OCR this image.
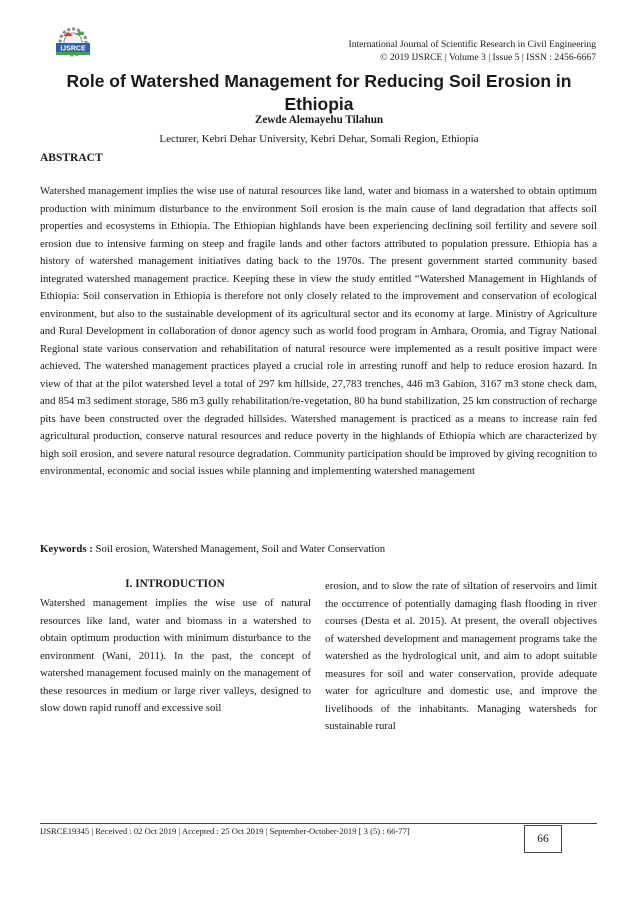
IJSRCE	International Journal of Scientific Research in Civil Engineering
© 2019 IJSRCE | Volume 3 | Issue 5 | ISSN : 2456-6667
Role of Watershed Management for Reducing Soil Erosion in Ethiopia
Zewde Alemayehu Tilahun
Lecturer, Kebri Dehar University, Kebri Dehar, Somali Region, Ethiopia
ABSTRACT

Watershed management implies the wise use of natural resources like land, water and biomass in a watershed to obtain optimum production with minimum disturbance to the environment Soil erosion is the main cause of land degradation that affects soil properties and ecosystems in Ethiopia. The Ethiopian highlands have been experiencing declining soil fertility and severe soil erosion due to intensive farming on steep and fragile lands and other factors attributed to population pressure. Ethiopia has a history of watershed management initiatives dating back to the 1970s. The present government started community based integrated watershed management practice. Keeping these in view the study entitled “Watershed Management in Highlands of Ethiopia: Soil conservation in Ethiopia is therefore not only closely related to the improvement and conservation of ecological environment, but also to the sustainable development of its agricultural sector and its economy at large. Ministry of Agriculture and Rural Development in collaboration of donor agency such as world food program in Amhara, Oromia, and Tigray National Regional state various conservation and rehabilitation of natural resource were implemented as a result positive impact were achieved. The watershed management practices played a crucial role in arresting runoff and help to reduce erosion hazard. In view of that at the pilot watershed level a total of 297 km hillside, 27,783 trenches, 446 m3 Gabion, 3167 m3 stone check dam, and 854 m3 sediment storage, 586 m3 gully rehabilitation/re-vegetation, 80 ha bund stabilization, 25 km construction of recharge pits have been constructed over the degraded hillsides. Watershed management is practiced as a means to increase rain fed agricultural production, conserve natural resources and reduce poverty in the highlands of Ethiopia which are characterized by high soil erosion, and severe natural resource degradation. Community participation should be improved by giving recognition to environmental, economic and social issues while planning and implementing watershed management

Keywords : Soil erosion, Watershed Management, Soil and Water Conservation
I. INTRODUCTION

Watershed management implies the wise use of natural resources like land, water and biomass in a watershed to obtain optimum production with minimum disturbance to the environment (Wani, 2011). In the past, the concept of watershed management focused mainly on the management of these resources in medium or large river valleys, designed to slow down rapid runoff and excessive soil

erosion, and to slow the rate of siltation of reservoirs and limit the occurrence of potentially damaging flash flooding in river courses (Desta et al. 2015). At present, the overall objectives of watershed development and management programs take the watershed as the hydrological unit, and aim to adopt suitable measures for soil and water conservation, provide adequate water for agriculture and domestic use, and improve the livelihoods of the inhabitants. Managing watersheds for sustainable rural

IJSRCE19345 | Received : 02 Oct 2019 | Accepted : 25 Oct 2019 | September-October-2019 [ 3 (5) : 66-77]
66
